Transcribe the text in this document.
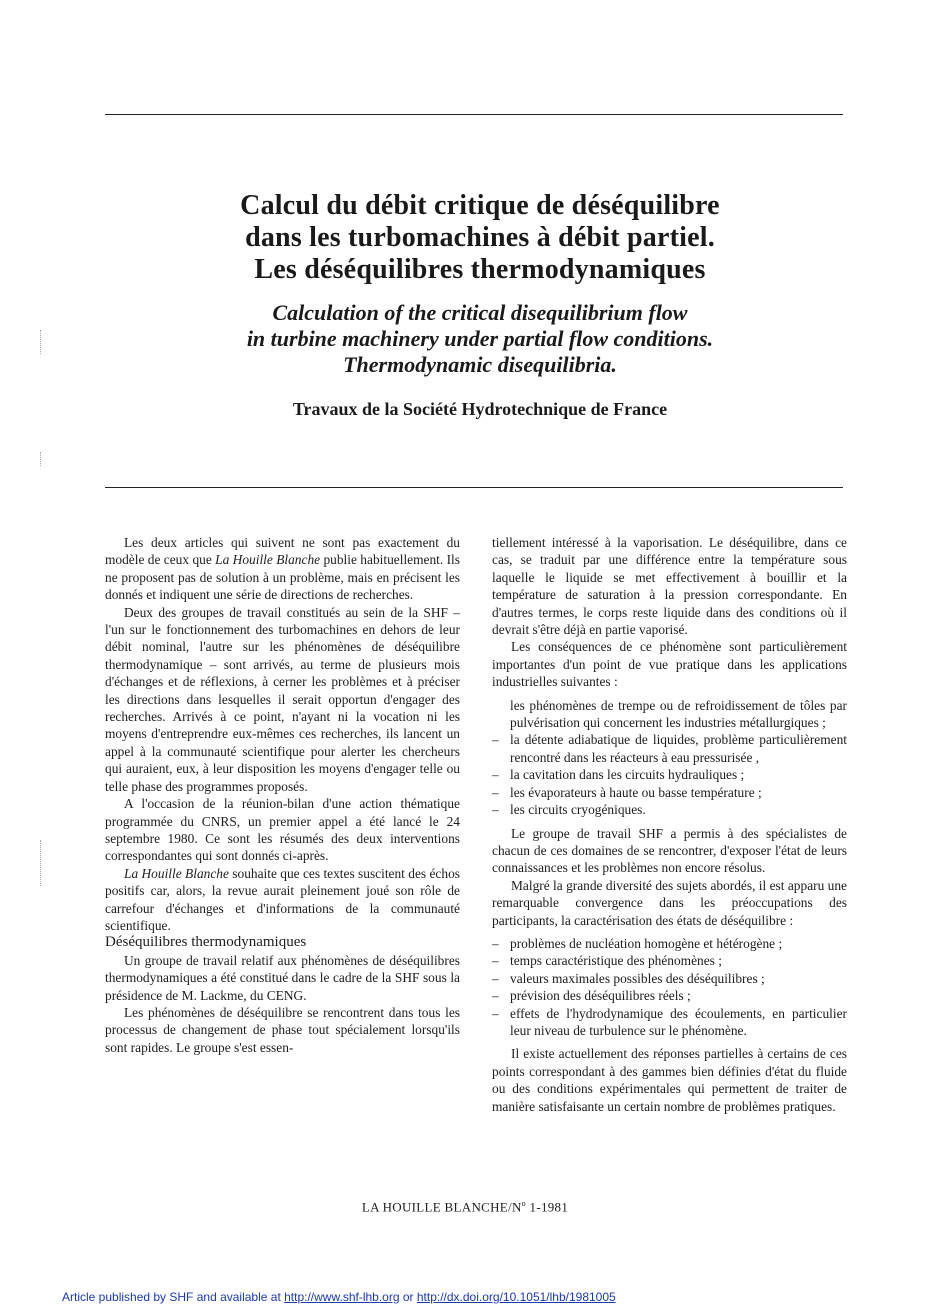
Calcul du débit critique de déséquilibre
dans les turbomachines à débit partiel.
Les déséquilibres thermodynamiques
Calculation of the critical disequilibrium flow
in turbine machinery under partial flow conditions.
Thermodynamic disequilibria.
Travaux de la Société Hydrotechnique de France

Les deux articles qui suivent ne sont pas exactement du modèle de ceux que La Houille Blanche publie habituellement. Ils ne proposent pas de solution à un problème, mais en précisent les donnés et indiquent une série de directions de recherches.

Deux des groupes de travail constitués au sein de la SHF – l'un sur le fonctionnement des turbomachines en dehors de leur débit nominal, l'autre sur les phénomènes de déséquilibre thermodynamique – sont arrivés, au terme de plusieurs mois d'échanges et de réflexions, à cerner les problèmes et à préciser les directions dans lesquelles il serait opportun d'engager des recherches. Arrivés à ce point, n'ayant ni la vocation ni les moyens d'entreprendre eux-mêmes ces recherches, ils lancent un appel à la communauté scientifique pour alerter les chercheurs qui auraient, eux, à leur disposition les moyens d'engager telle ou telle phase des programmes proposés.

A l'occasion de la réunion-bilan d'une action thématique programmée du CNRS, un premier appel a été lancé le 24 septembre 1980. Ce sont les résumés des deux interventions correspondantes qui sont donnés ci-après.

La Houille Blanche souhaite que ces textes suscitent des échos positifs car, alors, la revue aurait pleinement joué son rôle de carrefour d'échanges et d'informations de la communauté scientifique.

Déséquilibres thermodynamiques

Un groupe de travail relatif aux phénomènes de déséquilibres thermodynamiques a été constitué dans le cadre de la SHF sous la présidence de M. Lackme, du CENG.

Les phénomènes de déséquilibre se rencontrent dans tous les processus de changement de phase tout spécialement lorsqu'ils sont rapides. Le groupe s'est essen-

tiellement intéressé à la vaporisation. Le déséquilibre, dans ce cas, se traduit par une différence entre la température sous laquelle le liquide se met effectivement à bouillir et la température de saturation à la pression correspondante. En d'autres termes, le corps reste liquide dans des conditions où il devrait s'être déjà en partie vaporisé.

Les conséquences de ce phénomène sont particulièrement importantes d'un point de vue pratique dans les applications industrielles suivantes :

les phénomènes de trempe ou de refroidissement de tôles par pulvérisation qui concernent les industries métallurgiques ;
– la détente adiabatique de liquides, problème particulièrement rencontré dans les réacteurs à eau pressurisée ,
– la cavitation dans les circuits hydrauliques ;
– les évaporateurs à haute ou basse température ;
– les circuits cryogéniques.

Le groupe de travail SHF a permis à des spécialistes de chacun de ces domaines de se rencontrer, d'exposer l'état de leurs connaissances et les problèmes non encore résolus.

Malgré la grande diversité des sujets abordés, il est apparu une remarquable convergence dans les préoccupations des participants, la caractérisation des états de déséquilibre :

– problèmes de nucléation homogène et hétérogène ;
– temps caractéristique des phénomènes ;
– valeurs maximales possibles des déséquilibres ;
– prévision des déséquilibres réels ;
– effets de l'hydrodynamique des écoulements, en particulier leur niveau de turbulence sur le phénomène.

Il existe actuellement des réponses partielles à certains de ces points correspondant à des gammes bien définies d'état du fluide ou des conditions expérimentales qui permettent de traiter de manière satisfaisante un certain nombre de problèmes pratiques.

LA HOUILLE BLANCHE/$N^o$ 1-1981
Article published by SHF and available at http://www.shf-lhb.org or http://dx.doi.org/10.1051/lhb/1981005
